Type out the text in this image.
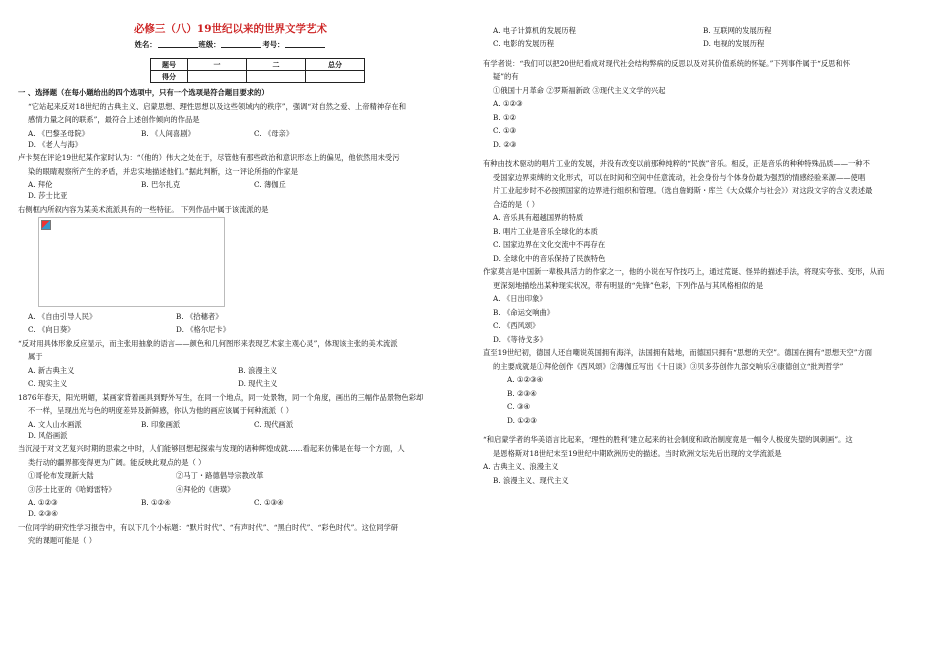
必修三（八）19世纪以来的世界文学艺术
姓名：	班级：	考号：
题号	一	二	总分
得分			
一 、选择题（在每小题给出的四个选项中，只有一个选项是符合题目要求的）
“它站起来反对18世纪的古典主义、启蒙思想、理性思想以及这些领域内的秩序”，强调“对自然之爱、上帝精神存在和
感情力量之间的联系”，最符合上述创作倾向的作品是
A. 《巴黎圣母院》	B. 《人间喜剧》	C. 《母亲》
D. 《老人与海》
卢卡契在评论19世纪某作家时认为：“（他的）伟大之处在于，尽管他有那些政治和意识形态上的偏见，他依然用未受污
染的眼睛观察所产生的矛盾，并忠实地描述他们。”据此判断，这一评论所指的作家是
A. 拜伦	B. 巴尔扎克	C. 薄伽丘
D. 莎士比亚
右侧框内所叙内容为某美术流派具有的一些特征。 下列作品中属于该流派的是
A. 《自由引导人民》	B. 《拾穗者》
C. 《向日葵》	D. 《格尔尼卡》
“反对用具体形象反应显示，而主张用抽象的语言——颜色和几何图形来表现艺术家主观心灵”，体现该主张的美术流派
属于
A. 新古典主义	B. 浪漫主义
C. 现实主义	D. 现代主义
1876年春天，阳光明媚，某画家背着画具到野外写生，在同一个地点，同一处景物，同一个角度，画出的三幅作品景物色彩却
不一样，呈现出光与色的明度差异及新鲜感，你认为他的画应该属于何种流派（ ）
A. 文人山水画派	B. 印象画派	C. 现代画派
D. 风俗画派
当沉浸于对文艺复兴时期的思索之中时，人们能够回想起探索与发现的诸种辉煌成就……看起来仿佛是在每一个方面，人
类行动的疆界都变得更为广阔。能反映此观点的是（ ）
①哥伦布发现新大陆	②马丁・路德倡导宗教改革
③莎士比亚的《哈姆雷特》	④拜伦的《唐璜》
A. ①②③	B. ①②④	C. ①③④
D. ②③④
一位同学的研究性学习报告中，有以下几个小标题：“默片时代”、“有声时代”、“黑白时代”、“彩色时代”。这位同学研
究的课题可能是（ ）
A. 电子计算机的发展历程	B. 互联网的发展历程
C. 电影的发展历程	D. 电视的发展历程
有学者说：“我们可以把20世纪看成对现代社会结构弊病的反思以及对其价值系统的怀疑。”下列事件属于“反思和怀
疑”的有
①俄国十月革命 ②罗斯福新政 ③现代主义文学的兴起
A. ①②③
B. ①②
C. ①③
D. ②③
有种由技术驱动的唱片工业的发展，并没有改变以前那种纯粹的“民族”音乐。相反，正是音乐的种种特殊品质——一种不
受国家边界束缚的文化形式，可以在时间和空间中任意流动，社会身份与个体身份最为强烈的情感经验来源——使唱
片工业起步时不必按照国家的边界进行组织和管理。（选自詹姆斯・库兰《大众媒介与社会》）对这段文字的含义表述最
合适的是（ ）
A. 音乐具有超越国界的特质
B. 唱片工业是音乐全球化的本质
C. 国家边界在文化交流中不再存在
D. 全球化中的音乐保持了民族特色
作家莫言是中国新一辈极具活力的作家之一，他的小说在写作技巧上，通过荒诞、怪异的描述手法，将现实夸张、变形，从而
更深刻地描绘出某种现实状况，带有明显的“先锋”色彩，下列作品与其风格相似的是
A. 《日出印象》
B. 《命运交响曲》
C. 《西风颂》
D. 《等待戈多》
直至19世纪初，德国人还自嘲说英国拥有海洋，法国拥有陆地，而德国只拥有“思想的天空”。德国在拥有“思想天空”方面
的主要成就是①拜伦创作《西风颂》②薄伽丘写出《十日谈》③贝多芬创作九部交响乐④康德创立“批判哲学”
A. ①②③④
B. ②③④
C. ③④
D. ①②③
“和启蒙学者的华美语言比起来，‘理性的胜利’建立起来的社会制度和政治制度竟是一幅令人极度失望的讽刺画”。这
是恩格斯对18世纪末至19世纪中期欧洲历史的描述。当时欧洲文坛先后出现的文学流派是
A. 古典主义、浪漫主义
B. 浪漫主义、现代主义
